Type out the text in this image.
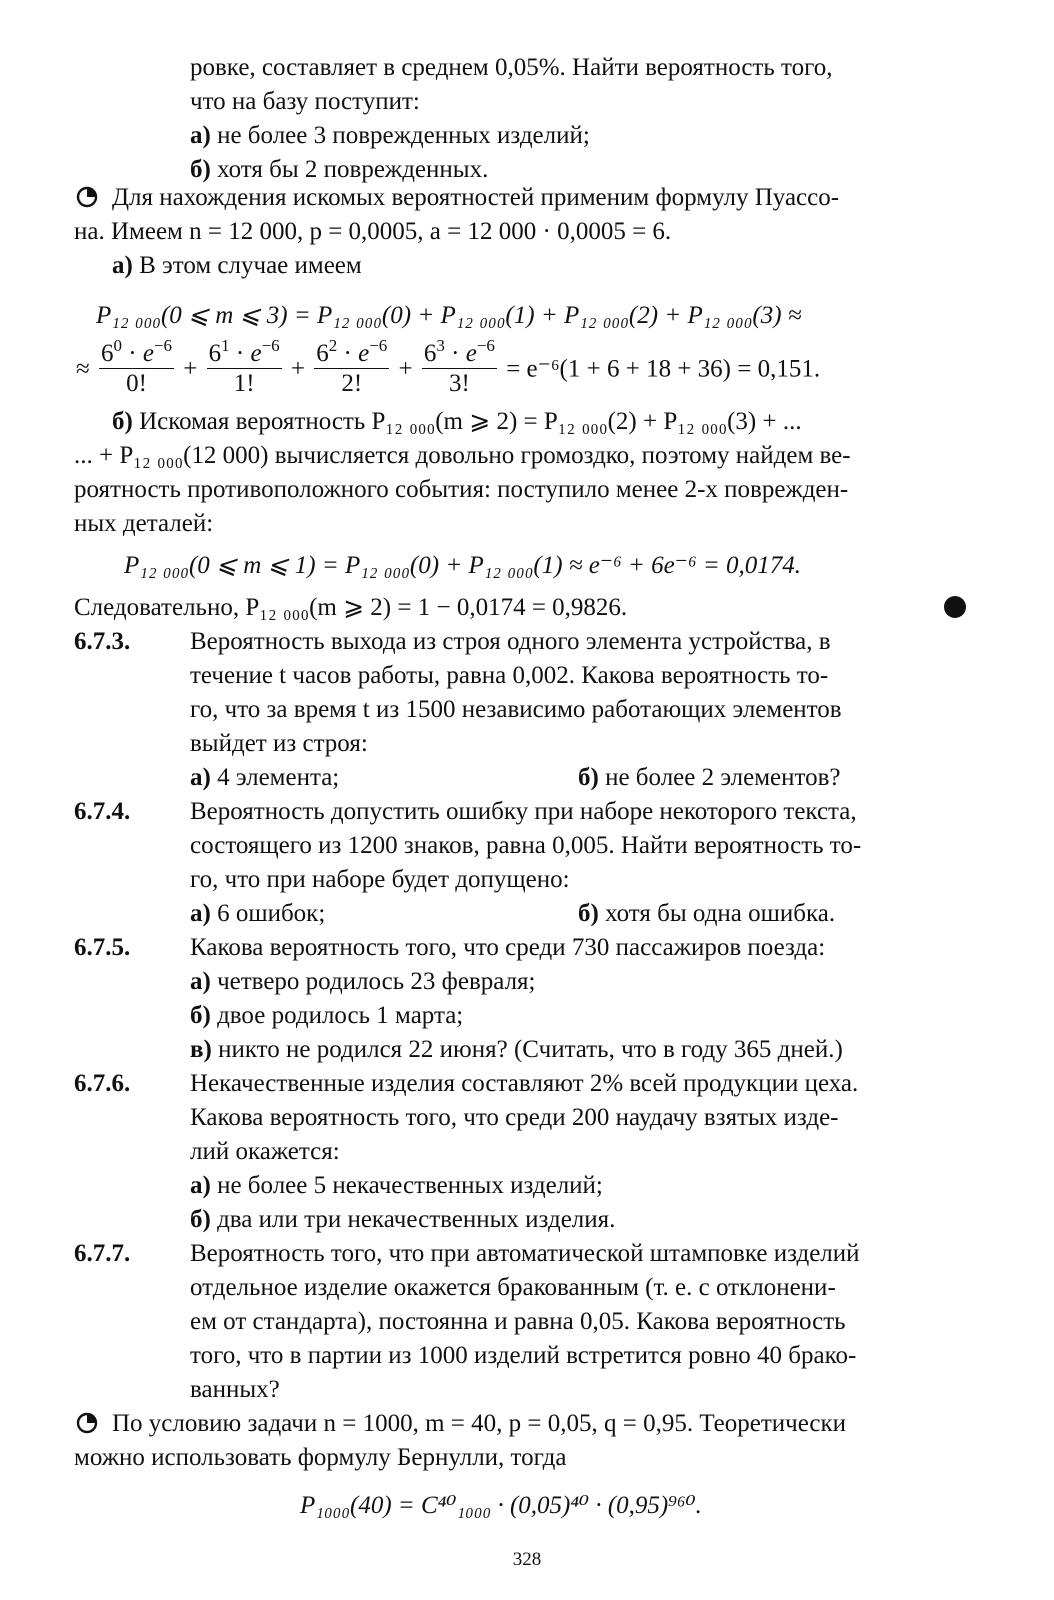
ровке, составляет в среднем 0,05%. Найти вероятность того,
что на базу поступит:
а) не более 3 поврежденных изделий;
б) хотя бы 2 поврежденных.
Для нахождения искомых вероятностей применим формулу Пуассо-
на. Имеем n = 12 000, p = 0,0005, a = 12 000 · 0,0005 = 6.
а) В этом случае имеем
P₁₂ ₀₀₀(0 ⩽ m ⩽ 3) = P₁₂ ₀₀₀(0) + P₁₂ ₀₀₀(1) + P₁₂ ₀₀₀(2) + P₁₂ ₀₀₀(3) ≈
≈ $\frac{6^0 \cdot e^{-6}}{0!} + \frac{6^1 \cdot e^{-6}}{1!} + \frac{6^2 \cdot e^{-6}}{2!} + \frac{6^3 \cdot e^{-6}}{3!} = e^{-6}(1 + 6 + 18 + 36) = 0,151$.
б) Искомая вероятность P₁₂ ₀₀₀(m ⩾ 2) = P₁₂ ₀₀₀(2) + P₁₂ ₀₀₀(3) + ...
... + P₁₂ ₀₀₀(12 000) вычисляется довольно громоздко, поэтому найдем ве-
роятность противоположного события: поступило менее 2-х поврежден-
ных деталей:
P₁₂ ₀₀₀(0 ⩽ m ⩽ 1) = P₁₂ ₀₀₀(0) + P₁₂ ₀₀₀(1) ≈ e⁻⁶ + 6e⁻⁶ = 0,0174.
Следовательно, P₁₂ ₀₀₀(m ⩾ 2) = 1 − 0,0174 = 0,9826.
6.7.3. Вероятность выхода из строя одного элемента устройства, в
течение t часов работы, равна 0,002. Какова вероятность то-
го, что за время t из 1500 независимо работающих элементов
выйдет из строя:
а) 4 элемента;	б) не более 2 элементов?
6.7.4. Вероятность допустить ошибку при наборе некоторого текста,
состоящего из 1200 знаков, равна 0,005. Найти вероятность то-
го, что при наборе будет допущено:
а) 6 ошибок;	б) хотя бы одна ошибка.
6.7.5. Какова вероятность того, что среди 730 пассажиров поезда:
а) четверо родилось 23 февраля;
б) двое родилось 1 марта;
в) никто не родился 22 июня? (Считать, что в году 365 дней.)
6.7.6. Некачественные изделия составляют 2% всей продукции цеха.
Какова вероятность того, что среди 200 наудачу взятых изде-
лий окажется:
а) не более 5 некачественных изделий;
б) два или три некачественных изделия.
6.7.7. Вероятность того, что при автоматической штамповке изделий
отдельное изделие окажется бракованным (т. е. с отклонени-
ем от стандарта), постоянна и равна 0,05. Какова вероятность
того, что в партии из 1000 изделий встретится ровно 40 брако-
ванных?
По условию задачи n = 1000, m = 40, p = 0,05, q = 0,95. Теоретически
можно использовать формулу Бернулли, тогда
P₁₀₀₀(40) = C⁴⁰₁₀₀₀ · (0,05)⁴⁰ · (0,95)⁹⁶⁰.
328
